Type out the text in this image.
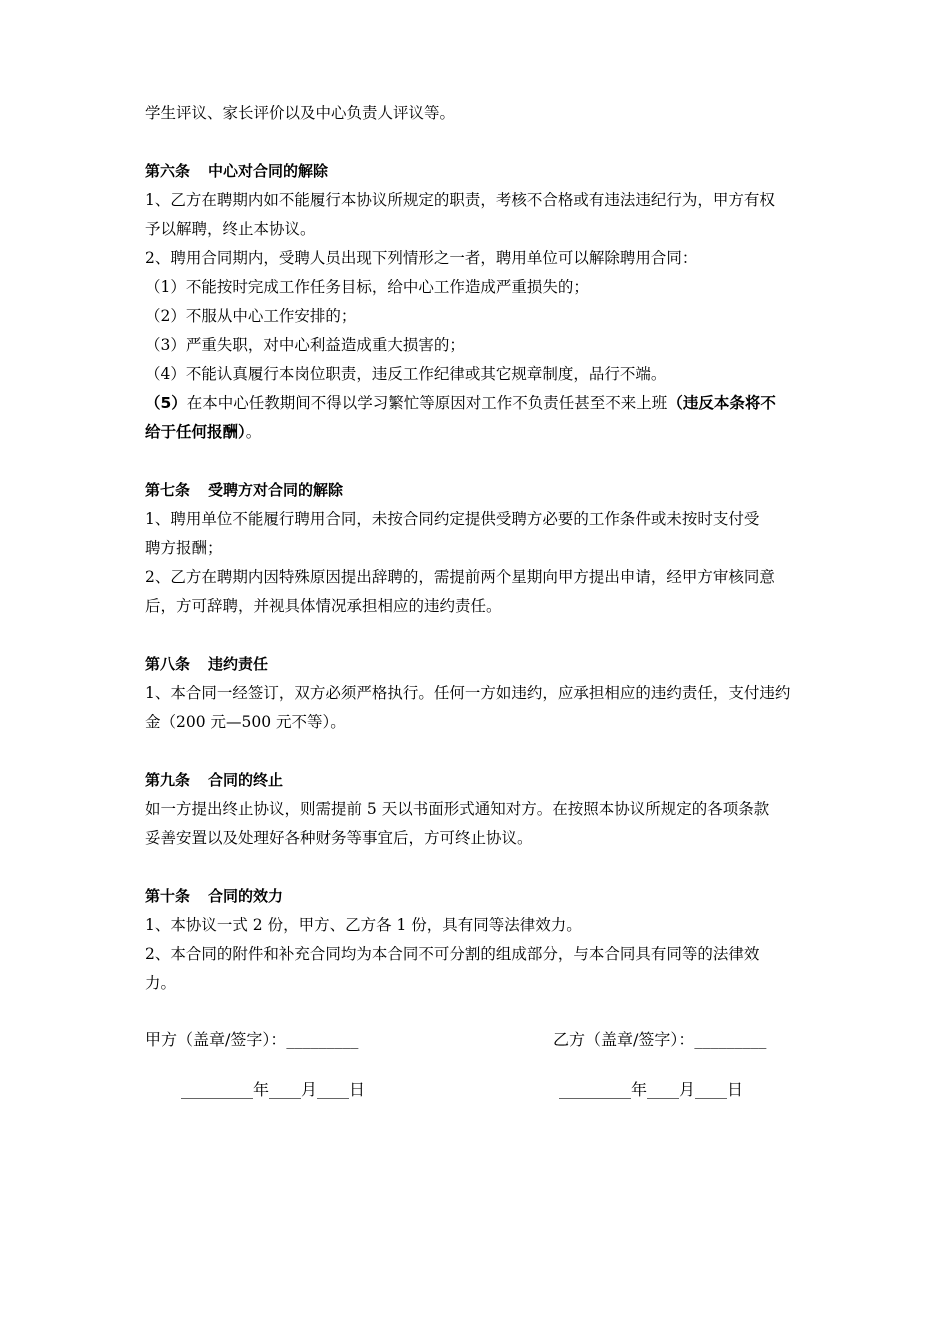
学生评议、家长评价以及中心负责人评议等。
第六条 中心对合同的解除
1、乙方在聘期内如不能履行本协议所规定的职责，考核不合格或有违法违纪行为，甲方有权
予以解聘，终止本协议。
2、聘用合同期内，受聘人员出现下列情形之一者，聘用单位可以解除聘用合同：
（1）不能按时完成工作任务目标，给中心工作造成严重损失的；
（2）不服从中心工作安排的；
（3）严重失职，对中心利益造成重大损害的；
（4）不能认真履行本岗位职责，违反工作纪律或其它规章制度，品行不端。
（5）在本中心任教期间不得以学习繁忙等原因对工作不负责任甚至不来上班（违反本条将不
给于任何报酬）。
第七条 受聘方对合同的解除
1、聘用单位不能履行聘用合同，未按合同约定提供受聘方必要的工作条件或未按时支付受
聘方报酬；
2、乙方在聘期内因特殊原因提出辞聘的，需提前两个星期向甲方提出申请，经甲方审核同意
后，方可辞聘，并视具体情况承担相应的违约责任。
第八条 违约责任
1、本合同一经签订，双方必须严格执行。任何一方如违约，应承担相应的违约责任，支付违约
金（200 元—500 元不等）。
第九条 合同的终止
如一方提出终止协议，则需提前 5 天以书面形式通知对方。在按照本协议所规定的各项条款
妥善安置以及处理好各种财务等事宜后，方可终止协议。
第十条 合同的效力
1、本协议一式 2 份，甲方、乙方各 1 份，具有同等法律效力。
2、本合同的附件和补充合同均为本合同不可分割的组成部分，与本合同具有同等的法律效
力。
甲方（盖章/签字）：_________	乙方（盖章/签字）：_________
_________年____月____日	_________年____月____日
